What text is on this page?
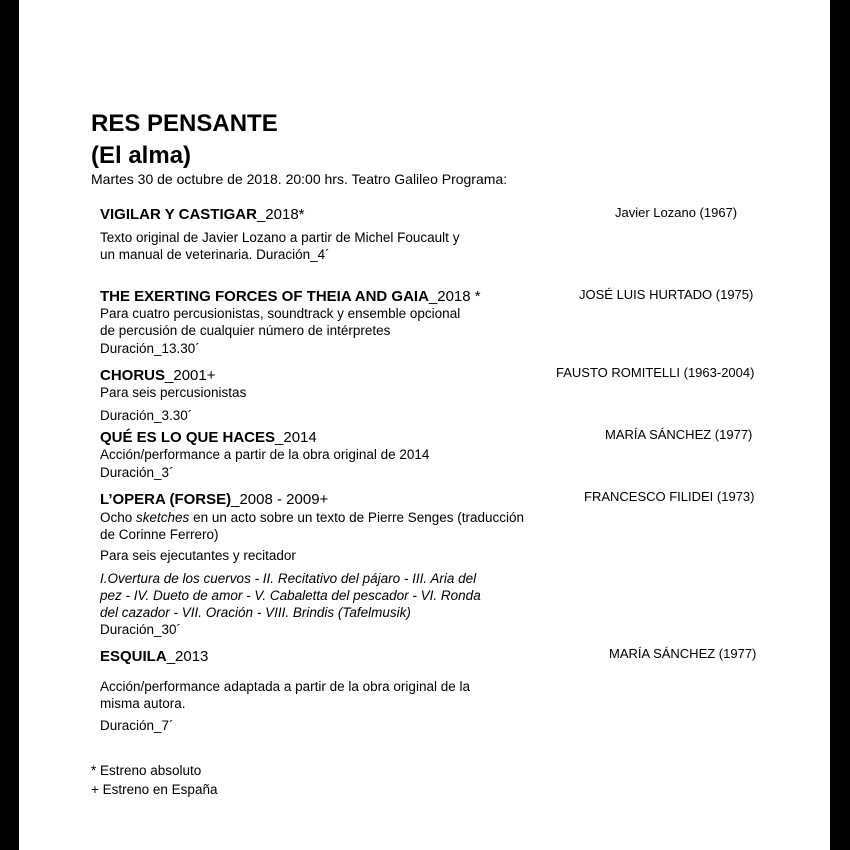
RES PENSANTE
(El alma)
Martes 30 de octubre de 2018. 20:00 hrs. Teatro Galileo Programa:
VIGILAR Y CASTIGAR_2018*	Javier Lozano (1967)
Texto original de Javier Lozano a partir de Michel Foucault y
un manual de veterinaria. Duración_4´
THE EXERTING FORCES OF THEIA AND GAIA_2018 *	JOSÉ LUIS HURTADO (1975)
Para cuatro percusionistas, soundtrack y ensemble opcional
de percusión de cualquier número de intérpretes
Duración_13.30´
CHORUS_2001+	FAUSTO ROMITELLI (1963-2004)
Para seis percusionistas
Duración_3.30´
QUÉ ES LO QUE HACES_2014	MARÍA SÁNCHEZ (1977)
Acción/performance a partir de la obra original de 2014
Duración_3´
L’OPERA (FORSE)_2008 - 2009+	FRANCESCO FILIDEI (1973)
Ocho sketches en un acto sobre un texto de Pierre Senges (traducción
de Corinne Ferrero)
Para seis ejecutantes y recitador
I.Overtura de los cuervos - II. Recitativo del pájaro - III. Aria del
pez - IV. Dueto de amor - V. Cabaletta del pescador - VI. Ronda
del cazador - VII. Oración - VIII. Brindis (Tafelmusik)
Duración_30´
ESQUILA_2013	MARÍA SÁNCHEZ (1977)
Acción/performance adaptada a partir de la obra original de la
misma autora.
Duración_7´
* Estreno absoluto
+ Estreno en España
